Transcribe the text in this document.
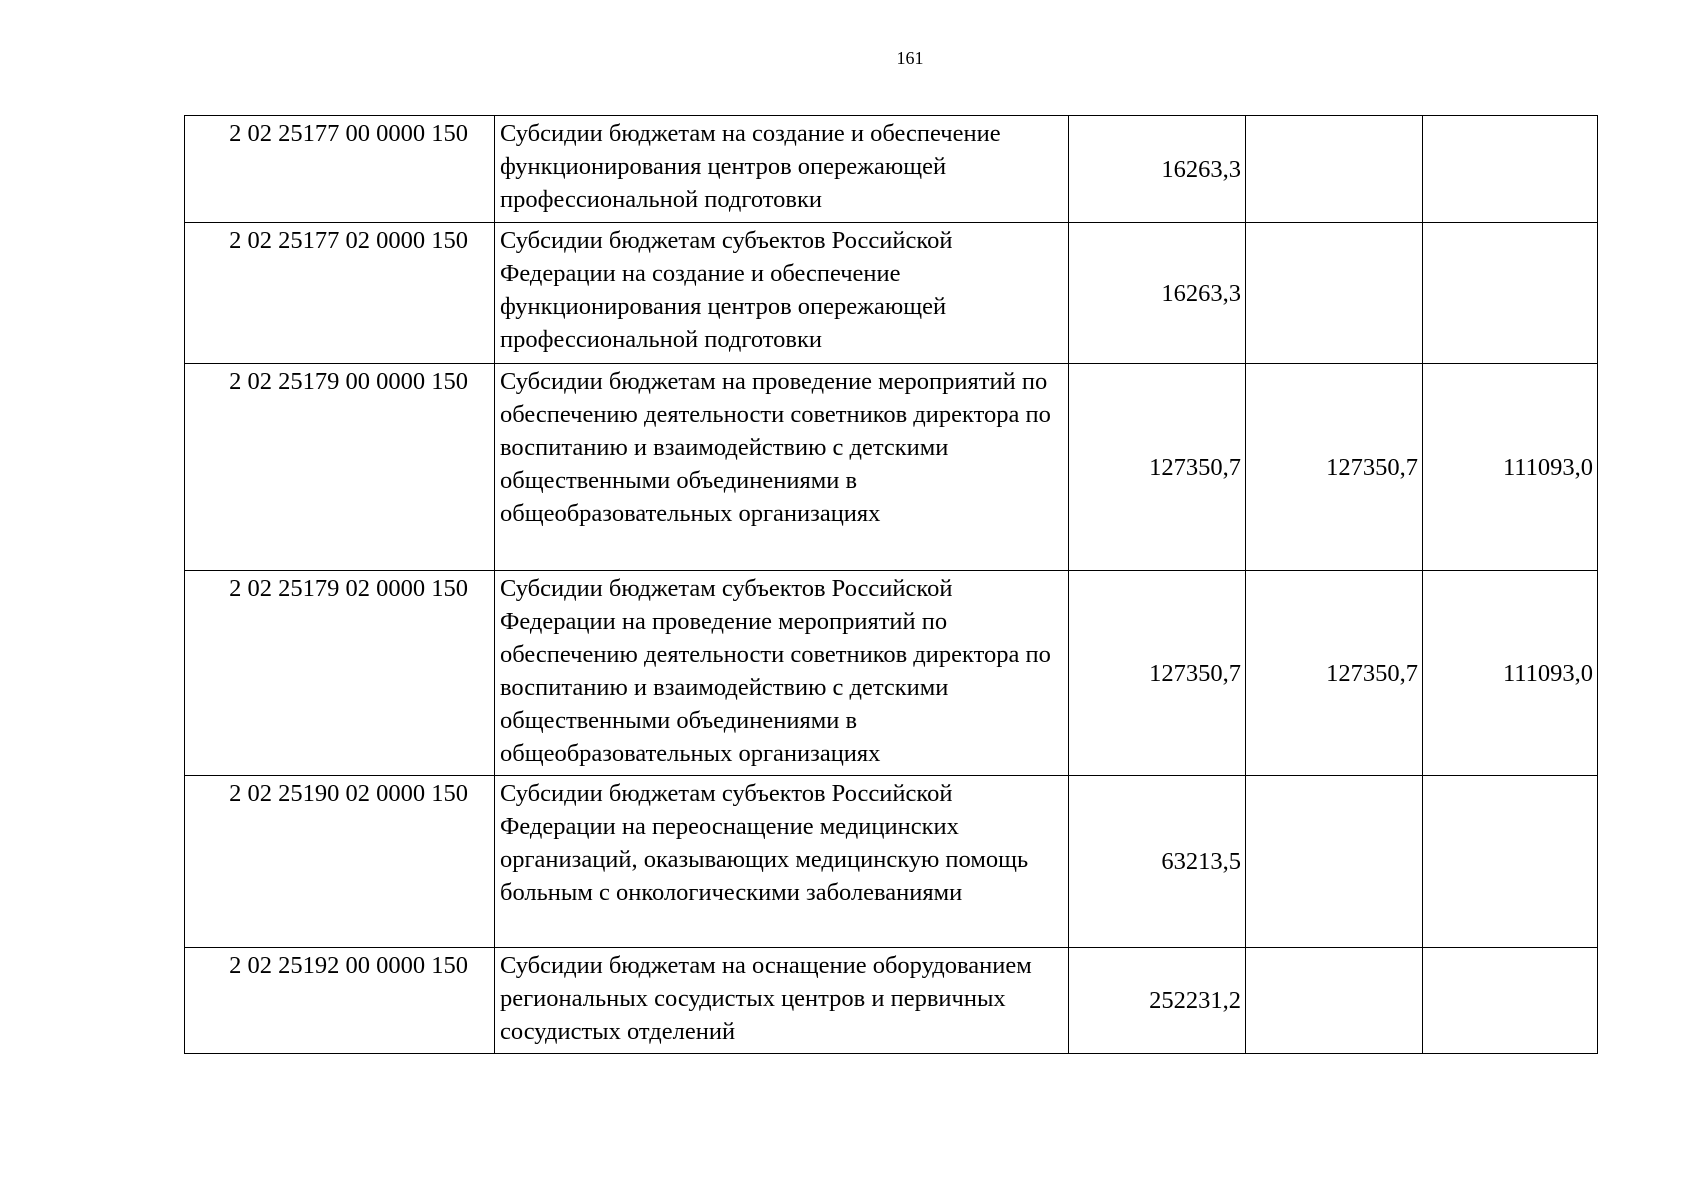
161
2 02 25177 00 0000 150	Субсидии бюджетам на создание и обеспечение функционирования центров опережающей профессиональной подготовки	16263,3		
2 02 25177 02 0000 150	Субсидии бюджетам субъектов Российской Федерации на создание и обеспечение функционирования центров опережающей профессиональной подготовки	16263,3		
2 02 25179 00 0000 150	Субсидии бюджетам на проведение мероприятий по обеспечению деятельности советников директора по воспитанию и взаимодействию с детскими общественными объединениями в общеобразовательных организациях	127350,7	127350,7	111093,0
2 02 25179 02 0000 150	Субсидии бюджетам субъектов Российской Федерации на проведение мероприятий по обеспечению деятельности советников директора по воспитанию и взаимодействию с детскими общественными объединениями в общеобразовательных организациях	127350,7	127350,7	111093,0
2 02 25190 02 0000 150	Субсидии бюджетам субъектов Российской Федерации на переоснащение медицинских организаций, оказывающих медицинскую помощь больным с онкологическими заболеваниями	63213,5		
2 02 25192 00 0000 150	Субсидии бюджетам на оснащение оборудованием региональных сосудистых центров и первичных сосудистых отделений	252231,2		
